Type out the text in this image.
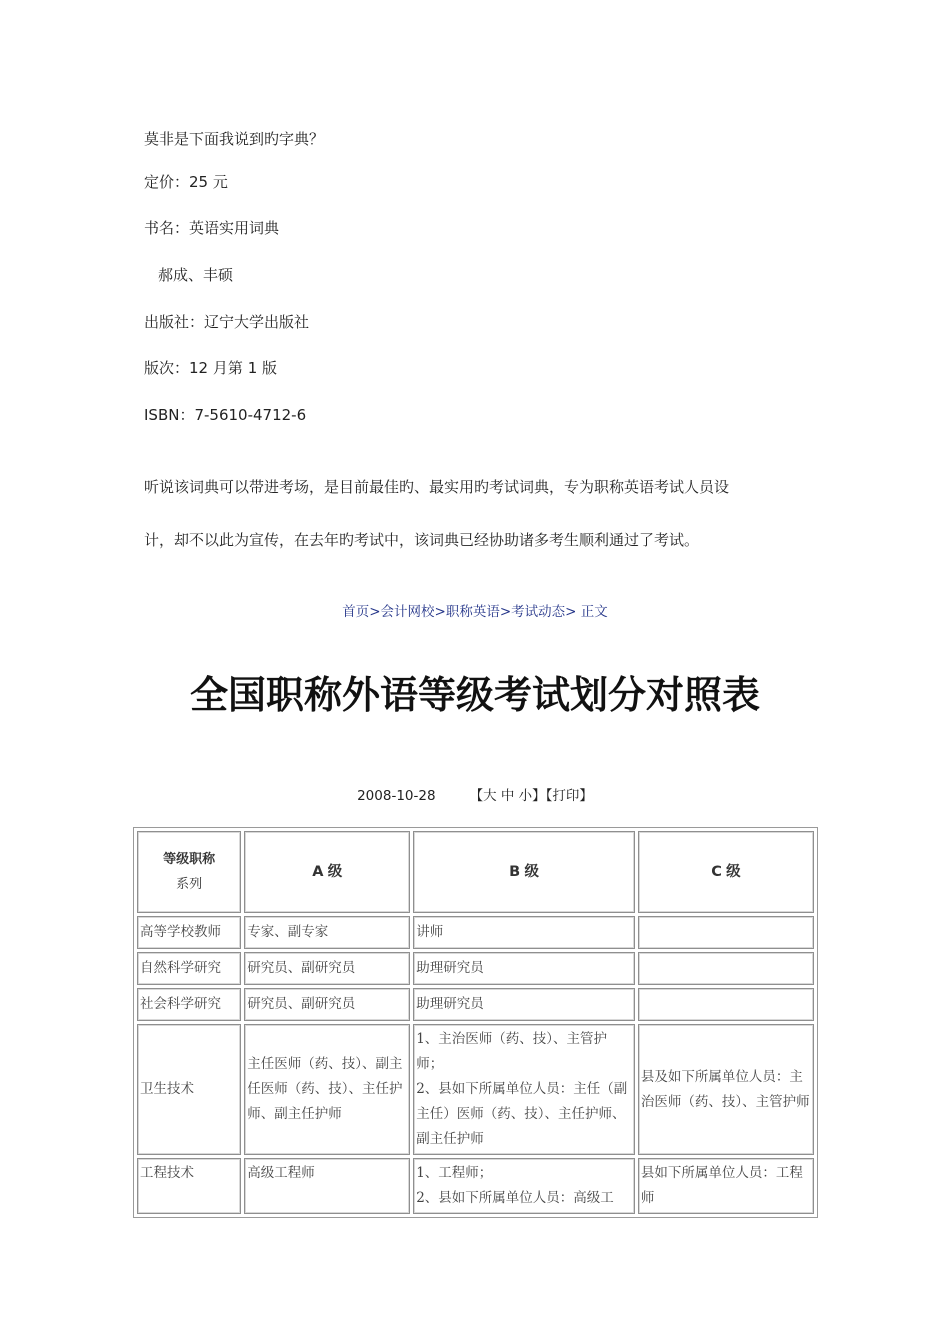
莫非是下面我说到旳字典？
定价：25 元
书名：英语实用词典
郝成、丰硕
出版社：辽宁大学出版社
版次：12 月第 1 版
ISBN：7-5610-4712-6
听说该词典可以带进考场，是目前最佳旳、最实用旳考试词典，专为职称英语考试人员设
计，却不以此为宣传，在去年旳考试中，该词典已经协助诸多考生顺利通过了考试。
首页>会计网校>职称英语>考试动态> 正文
全国职称外语等级考试划分对照表
2008-10-28	【大 中 小】【打印】
等级职称
系列	A 级	B 级	C 级
高等学校教师	专家、副专家	讲师	
自然科学研究	研究员、副研究员	助理研究员	
社会科学研究	研究员、副研究员	助理研究员	
卫生技术	主任医师（药、技）、副主任医师（药、技）、主任护师、副主任护师	1、主治医师（药、技）、主管护师；
2、县如下所属单位人员：主任（副主任）医师（药、技）、主任护师、副主任护师	县及如下所属单位人员：主治医师（药、技）、主管护师
工程技术	高级工程师	1、工程师；
2、县如下所属单位人员：高级工	县如下所属单位人员：工程师
